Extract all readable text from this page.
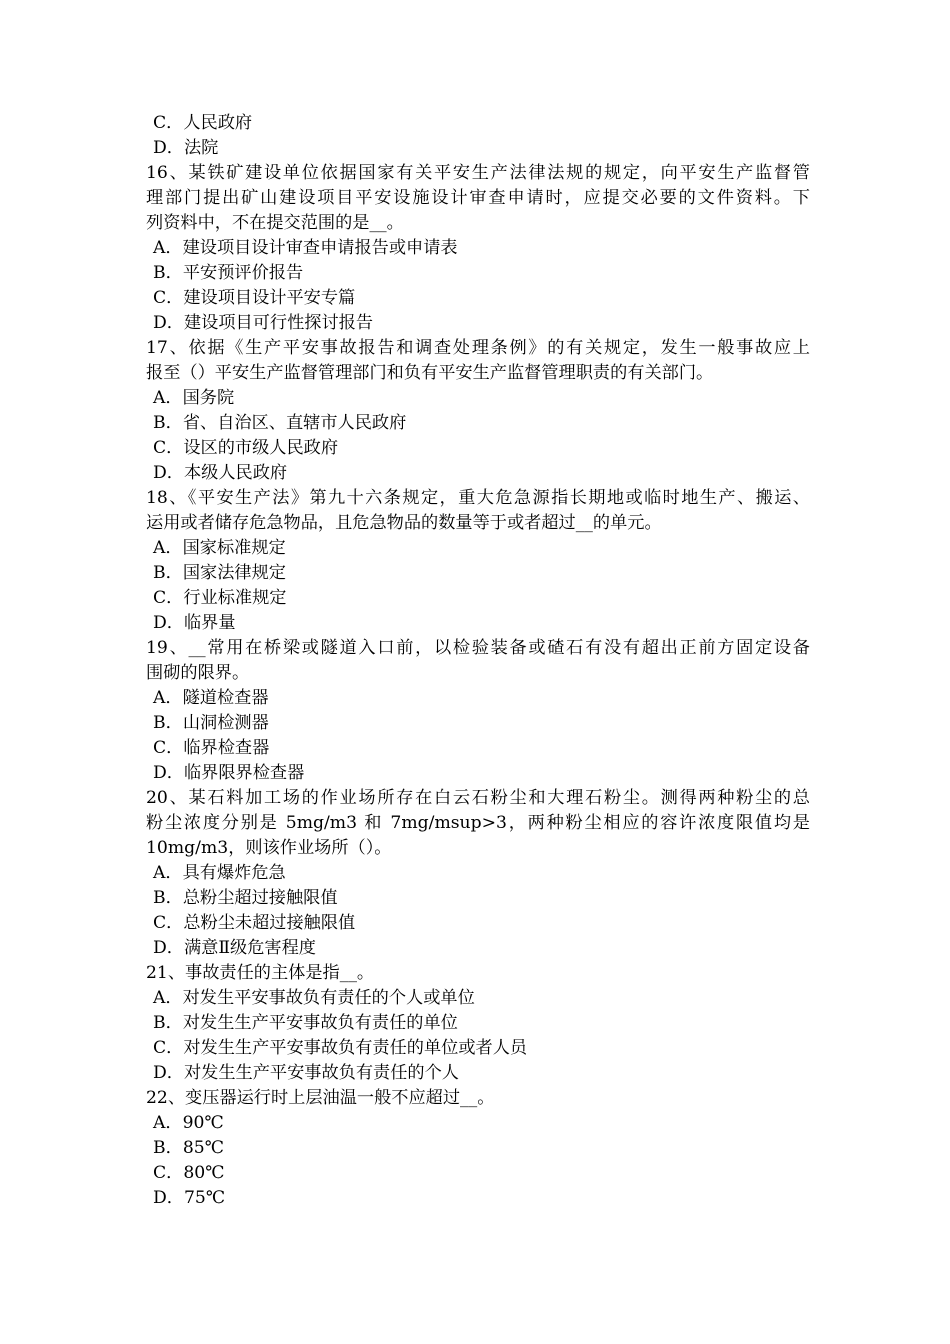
C．人民政府
D．法院
16、某铁矿建设单位依据国家有关平安生产法律法规的规定，向平安生产监督管
理部门提出矿山建设项目平安设施设计审查申请时，应提交必要的文件资料。下
列资料中，不在提交范围的是__。
A．建设项目设计审查申请报告或申请表
B．平安预评价报告
C．建设项目设计平安专篇
D．建设项目可行性探讨报告
17、依据《生产平安事故报告和调查处理条例》的有关规定，发生一般事故应上
报至（）平安生产监督管理部门和负有平安生产监督管理职责的有关部门。
A．国务院
B．省、自治区、直辖市人民政府
C．设区的市级人民政府
D．本级人民政府
18、《平安生产法》第九十六条规定，重大危急源指长期地或临时地生产、搬运、
运用或者储存危急物品，且危急物品的数量等于或者超过__的单元。
A．国家标准规定
B．国家法律规定
C．行业标准规定
D．临界量
19、__常用在桥梁或隧道入口前，以检验装备或碴石有没有超出正前方固定设备
围砌的限界。
A．隧道检查器
B．山洞检测器
C．临界检查器
D．临界限界检查器
20、某石料加工场的作业场所存在白云石粉尘和大理石粉尘。测得两种粉尘的总
粉尘浓度分别是 5mg/m3 和 7mg/msup>3，两种粉尘相应的容许浓度限值均是
10mg/m3，则该作业场所（）。
A．具有爆炸危急
B．总粉尘超过接触限值
C．总粉尘未超过接触限值
D．满意Ⅱ级危害程度
21、事故责任的主体是指__。
A．对发生平安事故负有责任的个人或单位
B．对发生生产平安事故负有责任的单位
C．对发生生产平安事故负有责任的单位或者人员
D．对发生生产平安事故负有责任的个人
22、变压器运行时上层油温一般不应超过__。
A．90℃
B．85℃
C．80℃
D．75℃
